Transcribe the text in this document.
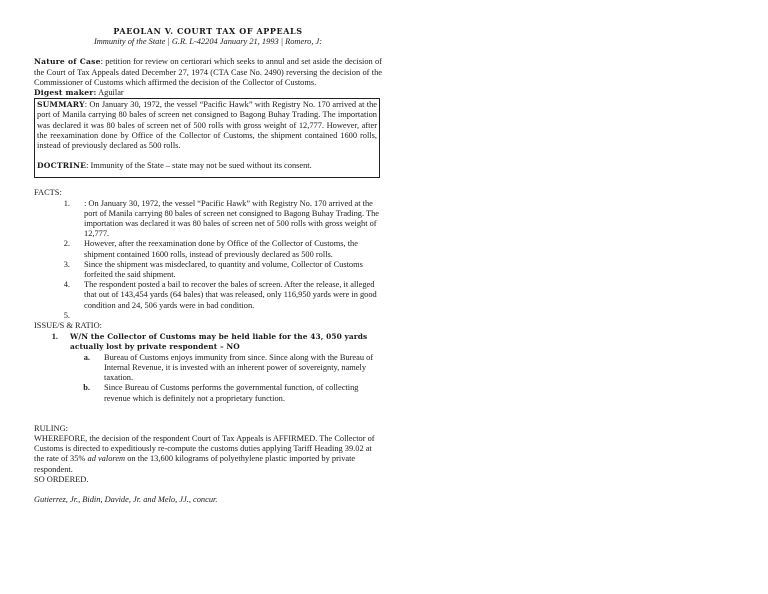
PAEOLAN V. COURT TAX OF APPEALS
Immunity of the State | G.R. L-42204 January 21, 1993 | Romero, J:
Nature of Case: petition for review on certiorari which seeks to annul and set aside the decision of the Court of Tax Appeals dated December 27, 1974 (CTA Case No. 2490) reversing the decision of the Commissioner of Customs which affirmed the decision of the Collector of Customs.
Digest maker: Aguilar
SUMMARY: On January 30, 1972, the vessel “Pacific Hawk” with Registry No. 170 arrived at the port of Manila carrying 80 bales of screen net consigned to Bagong Buhay Trading. The importation was declared it was 80 bales of screen net of 500 rolls with gross weight of 12,777. However, after the reexamination done by Office of the Collector of Customs, the shipment contained 1600 rolls, instead of previously declared as 500 rolls.
DOCTRINE: Immunity of the State – state may not be sued without its consent.
FACTS:
1.	: On January 30, 1972, the vessel “Pacific Hawk” with Registry No. 170 arrived at the port of Manila carrying 80 bales of screen net consigned to Bagong Buhay Trading. The importation was declared it was 80 bales of screen net of 500 rolls with gross weight of 12,777.
2.	However, after the reexamination done by Office of the Collector of Customs, the shipment contained 1600 rolls, instead of previously declared as 500 rolls.
3.	Since the shipment was misdeclared, to quantity and volume, Collector of Customs forfeited the said shipment.
4.	The respondent posted a bail to recover the bales of screen. After the release, it alleged that out of 143,454 yards (64 bales) that was released, only 116,950 yards were in good condition and 24, 506 yards were in bad condition.
5.
ISSUE/S & RATIO:
1.	W/N the Collector of Customs may be held liable for the 43, 050 yards actually lost by private respondent – NO
a.	Bureau of Customs enjoys immunity from since. Since along with the Bureau of Internal Revenue, it is invested with an inherent power of sovereignty, namely taxation.
b.	Since Bureau of Customs performs the governmental function, of collecting revenue which is definitely not a proprietary function.
RULING:
WHEREFORE, the decision of the respondent Court of Tax Appeals is AFFIRMED. The Collector of Customs is directed to expeditiously re-compute the customs duties applying Tariff Heading 39.02 at the rate of 35% ad valorem on the 13,600 kilograms of polyethylene plastic imported by private respondent.
SO ORDERED.
Gutierrez, Jr., Bidin, Davide, Jr. and Melo, JJ., concur.
